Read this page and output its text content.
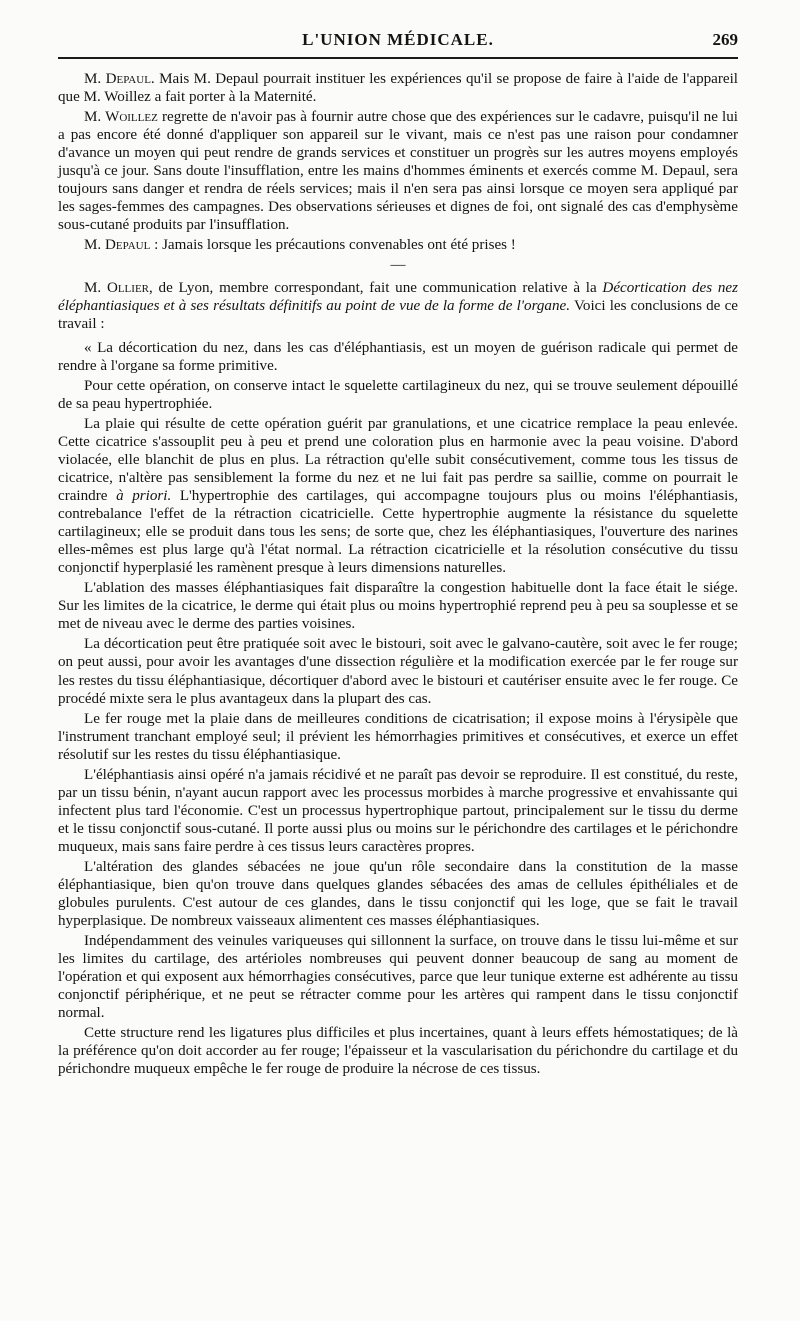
L'UNION MÉDICALE.	269

M. Depaul. Mais M. Depaul pourrait instituer les expériences qu'il se propose de faire à l'aide de l'appareil que M. Woillez a fait porter à la Maternité.

M. Woillez regrette de n'avoir pas à fournir autre chose que des expériences sur le cadavre, puisqu'il ne lui a pas encore été donné d'appliquer son appareil sur le vivant, mais ce n'est pas une raison pour condamner d'avance un moyen qui peut rendre de grands services et constituer un progrès sur les autres moyens employés jusqu'à ce jour. Sans doute l'insufflation, entre les mains d'hommes éminents et exercés comme M. Depaul, sera toujours sans danger et rendra de réels services; mais il n'en sera pas ainsi lorsque ce moyen sera appliqué par les sages-femmes des campagnes. Des observations sérieuses et dignes de foi, ont signalé des cas d'emphysème sous-cutané produits par l'insufflation.

M. Depaul : Jamais lorsque les précautions convenables ont été prises !

—

M. Ollier, de Lyon, membre correspondant, fait une communication relative à la Décortication des nez éléphantiasiques et à ses résultats définitifs au point de vue de la forme de l'organe. Voici les conclusions de ce travail :

« La décortication du nez, dans les cas d'éléphantiasis, est un moyen de guérison radicale qui permet de rendre à l'organe sa forme primitive.

Pour cette opération, on conserve intact le squelette cartilagineux du nez, qui se trouve seulement dépouillé de sa peau hypertrophiée.

La plaie qui résulte de cette opération guérit par granulations, et une cicatrice remplace la peau enlevée. Cette cicatrice s'assouplit peu à peu et prend une coloration plus en harmonie avec la peau voisine. D'abord violacée, elle blanchit de plus en plus. La rétraction qu'elle subit consécutivement, comme tous les tissus de cicatrice, n'altère pas sensiblement la forme du nez et ne lui fait pas perdre sa saillie, comme on pourrait le craindre à priori. L'hypertrophie des cartilages, qui accompagne toujours plus ou moins l'éléphantiasis, contrebalance l'effet de la rétraction cicatricielle. Cette hypertrophie augmente la résistance du squelette cartilagineux; elle se produit dans tous les sens; de sorte que, chez les éléphantiasiques, l'ouverture des narines elles-mêmes est plus large qu'à l'état normal. La rétraction cicatricielle et la résolution consécutive du tissu conjonctif hyperplasié les ramènent presque à leurs dimensions naturelles.

L'ablation des masses éléphantiasiques fait disparaître la congestion habituelle dont la face était le siége. Sur les limites de la cicatrice, le derme qui était plus ou moins hypertrophié reprend peu à peu sa souplesse et se met de niveau avec le derme des parties voisines.

La décortication peut être pratiquée soit avec le bistouri, soit avec le galvano-cautère, soit avec le fer rouge; on peut aussi, pour avoir les avantages d'une dissection régulière et la modification exercée par le fer rouge sur les restes du tissu éléphantiasique, décortiquer d'abord avec le bistouri et cautériser ensuite avec le fer rouge. Ce procédé mixte sera le plus avantageux dans la plupart des cas.

Le fer rouge met la plaie dans de meilleures conditions de cicatrisation; il expose moins à l'érysipèle que l'instrument tranchant employé seul; il prévient les hémorrhagies primitives et consécutives, et exerce un effet résolutif sur les restes du tissu éléphantiasique.

L'éléphantiasis ainsi opéré n'a jamais récidivé et ne paraît pas devoir se reproduire. Il est constitué, du reste, par un tissu bénin, n'ayant aucun rapport avec les processus morbides à marche progressive et envahissante qui infectent plus tard l'économie. C'est un processus hypertrophique partout, principalement sur le tissu du derme et le tissu conjonctif sous-cutané. Il porte aussi plus ou moins sur le périchondre des cartilages et le périchondre muqueux, mais sans faire perdre à ces tissus leurs caractères propres.

L'altération des glandes sébacées ne joue qu'un rôle secondaire dans la constitution de la masse éléphantiasique, bien qu'on trouve dans quelques glandes sébacées des amas de cellules épithéliales et de globules purulents. C'est autour de ces glandes, dans le tissu conjonctif qui les loge, que se fait le travail hyperplasique. De nombreux vaisseaux alimentent ces masses éléphantiasiques.

Indépendamment des veinules variqueuses qui sillonnent la surface, on trouve dans le tissu lui-même et sur les limites du cartilage, des artérioles nombreuses qui peuvent donner beaucoup de sang au moment de l'opération et qui exposent aux hémorrhagies consécutives, parce que leur tunique externe est adhérente au tissu conjonctif périphérique, et ne peut se rétracter comme pour les artères qui rampent dans le tissu conjonctif normal.

Cette structure rend les ligatures plus difficiles et plus incertaines, quant à leurs effets hémostatiques; de là la préférence qu'on doit accorder au fer rouge; l'épaisseur et la vascularisation du périchondre du cartilage et du périchondre muqueux empêche le fer rouge de produire la nécrose de ces tissus.
